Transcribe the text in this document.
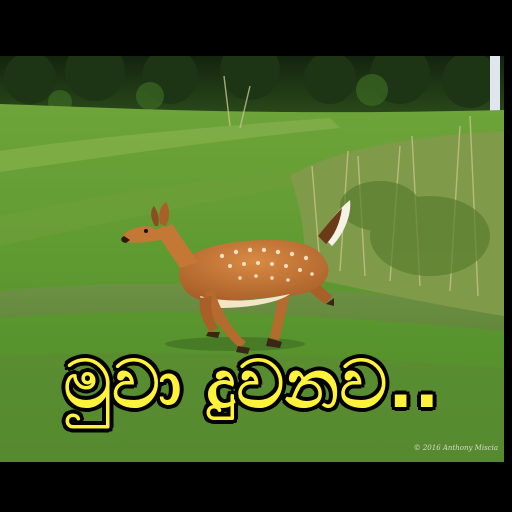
මුවා දුවනව..
© 2016 Anthony Miscia
